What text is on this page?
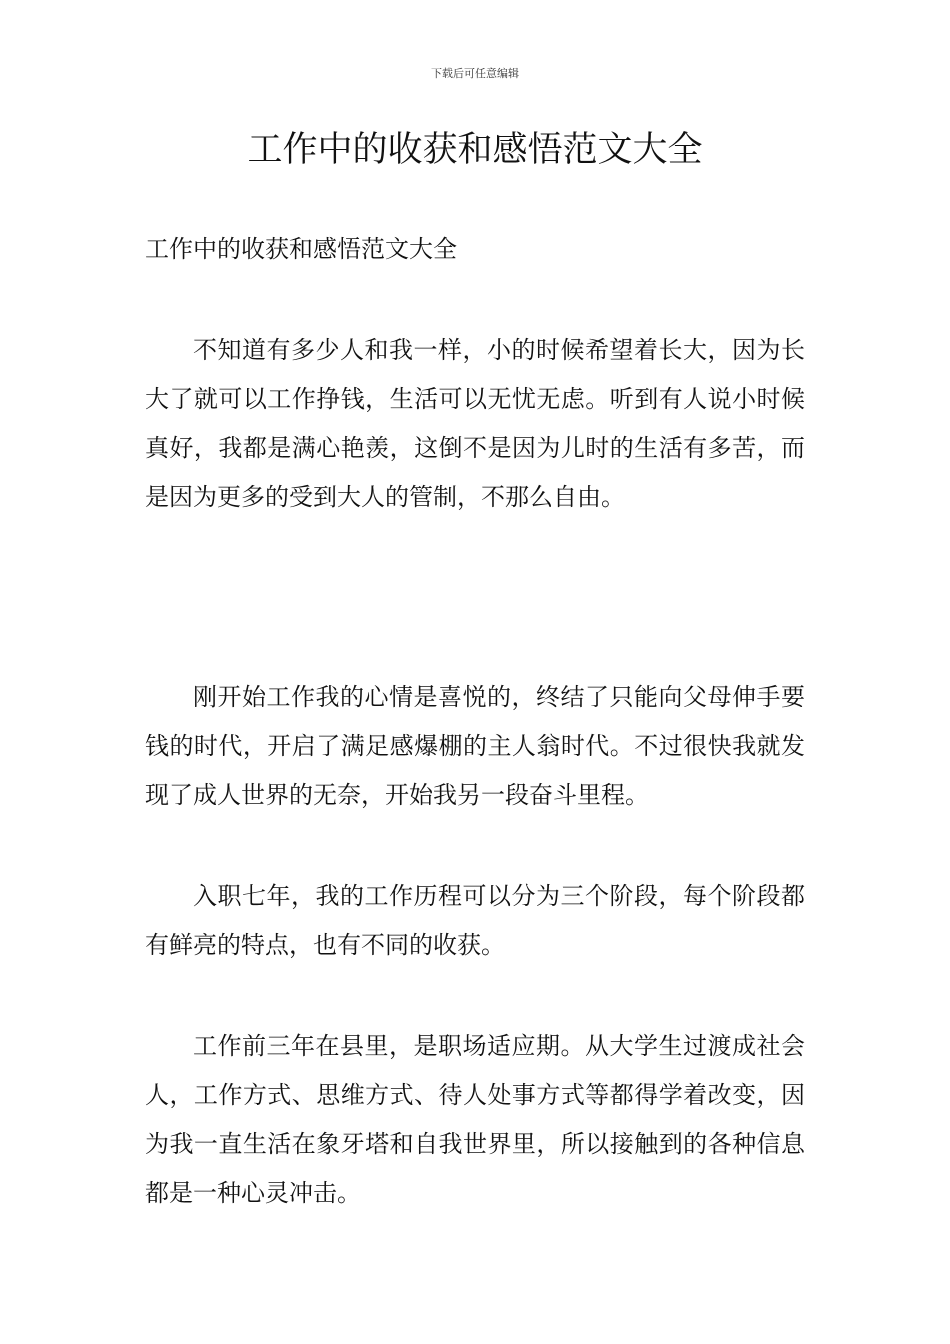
下载后可任意编辑
工作中的收获和感悟范文大全

工作中的收获和感悟范文大全

不知道有多少人和我一样，小的时候希望着长大，因为长大了就可以工作挣钱，生活可以无忧无虑。听到有人说小时候真好，我都是满心艳羡，这倒不是因为儿时的生活有多苦，而是因为更多的受到大人的管制，不那么自由。

刚开始工作我的心情是喜悦的，终结了只能向父母伸手要钱的时代，开启了满足感爆棚的主人翁时代。不过很快我就发现了成人世界的无奈，开始我另一段奋斗里程。

入职七年，我的工作历程可以分为三个阶段，每个阶段都有鲜亮的特点，也有不同的收获。

工作前三年在县里，是职场适应期。从大学生过渡成社会人，工作方式、思维方式、待人处事方式等都得学着改变，因为我一直生活在象牙塔和自我世界里，所以接触到的各种信息都是一种心灵冲击。
